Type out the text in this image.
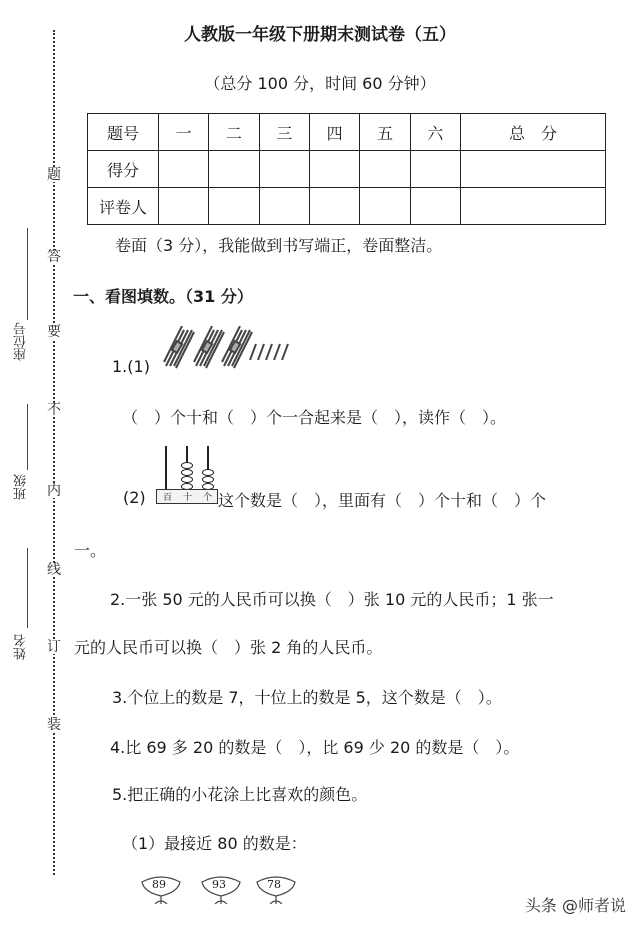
题
答
要
不
内
线
订
装
座位号
班级
姓名
人教版一年级下册期末测试卷（五）
（总分 100 分，时间 60 分钟）
题号	一	二	三	四	五	六	总　分
得分							
评卷人							
卷面（3 分），我能做到书写端正，卷面整洁。
一、看图填数。（31 分）
1.(1)
（　）个十和（　）个一合起来是（　），读作（　）。
百 十 个
(2)	这个数是（　），里面有（　）个十和（　）个
一。
2.一张 50 元的人民币可以换（　）张 10 元的人民币；1 张一
元的人民币可以换（　）张 2 角的人民币。
3.个位上的数是 7，十位上的数是 5，这个数是（　）。
4.比 69 多 20 的数是（　），比 69 少 20 的数是（　）。
5.把正确的小花涂上比喜欢的颜色。
（1）最接近 80 的数是：
89	93	78
头条 @师者说
